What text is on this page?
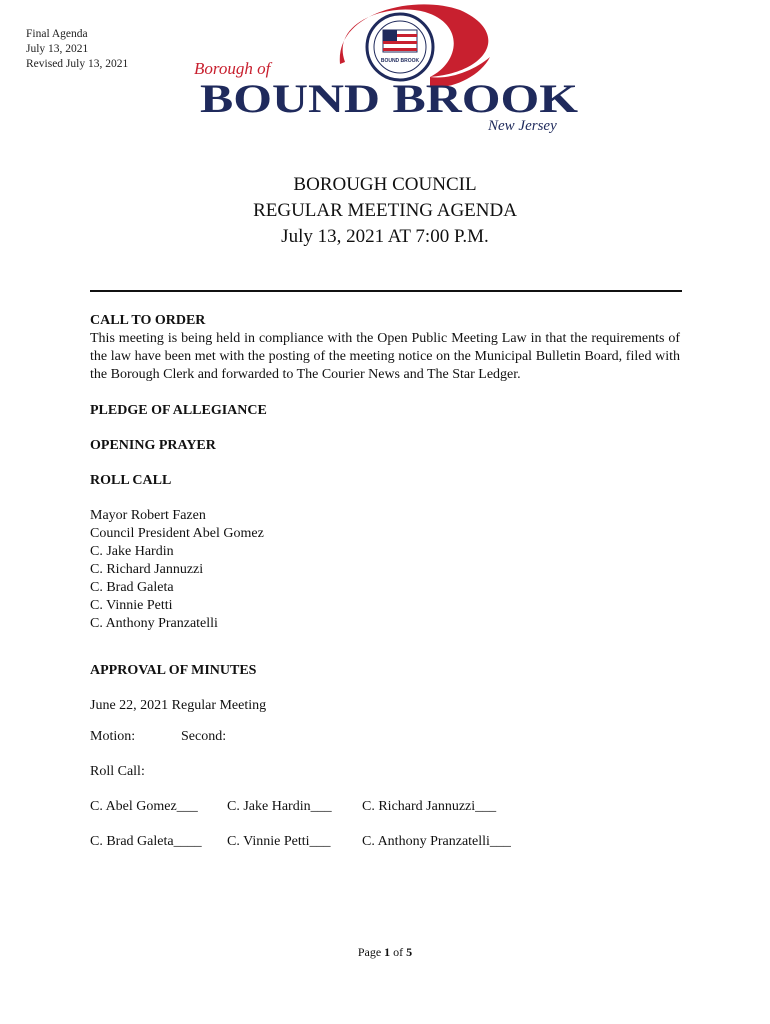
Final Agenda
July 13, 2021
Revised July 13, 2021	BOUND BROOK
Borough of
BOUND BROOK
New Jersey
BOROUGH COUNCIL
REGULAR MEETING AGENDA
July 13, 2021 AT 7:00 P.M.

CALL TO ORDER

This meeting is being held in compliance with the Open Public Meeting Law in that the requirements of the law have been met with the posting of the meeting notice on the Municipal Bulletin Board, filed with the Borough Clerk and forwarded to The Courier News and The Star Ledger.

PLEDGE OF ALLEGIANCE

OPENING PRAYER

ROLL CALL

Mayor Robert Fazen
Council President Abel Gomez
C. Jake Hardin
C. Richard Jannuzzi
C. Brad Galeta
C. Vinnie Petti
C. Anthony Pranzatelli

APPROVAL OF MINUTES

June 22, 2021 Regular Meeting

Motion:	Second:

Roll Call:

C. Abel Gomez___	C. Jake Hardin___	C. Richard Jannuzzi___
C. Brad Galeta____	C. Vinnie Petti___	C. Anthony Pranzatelli___
Page 1 of 5
